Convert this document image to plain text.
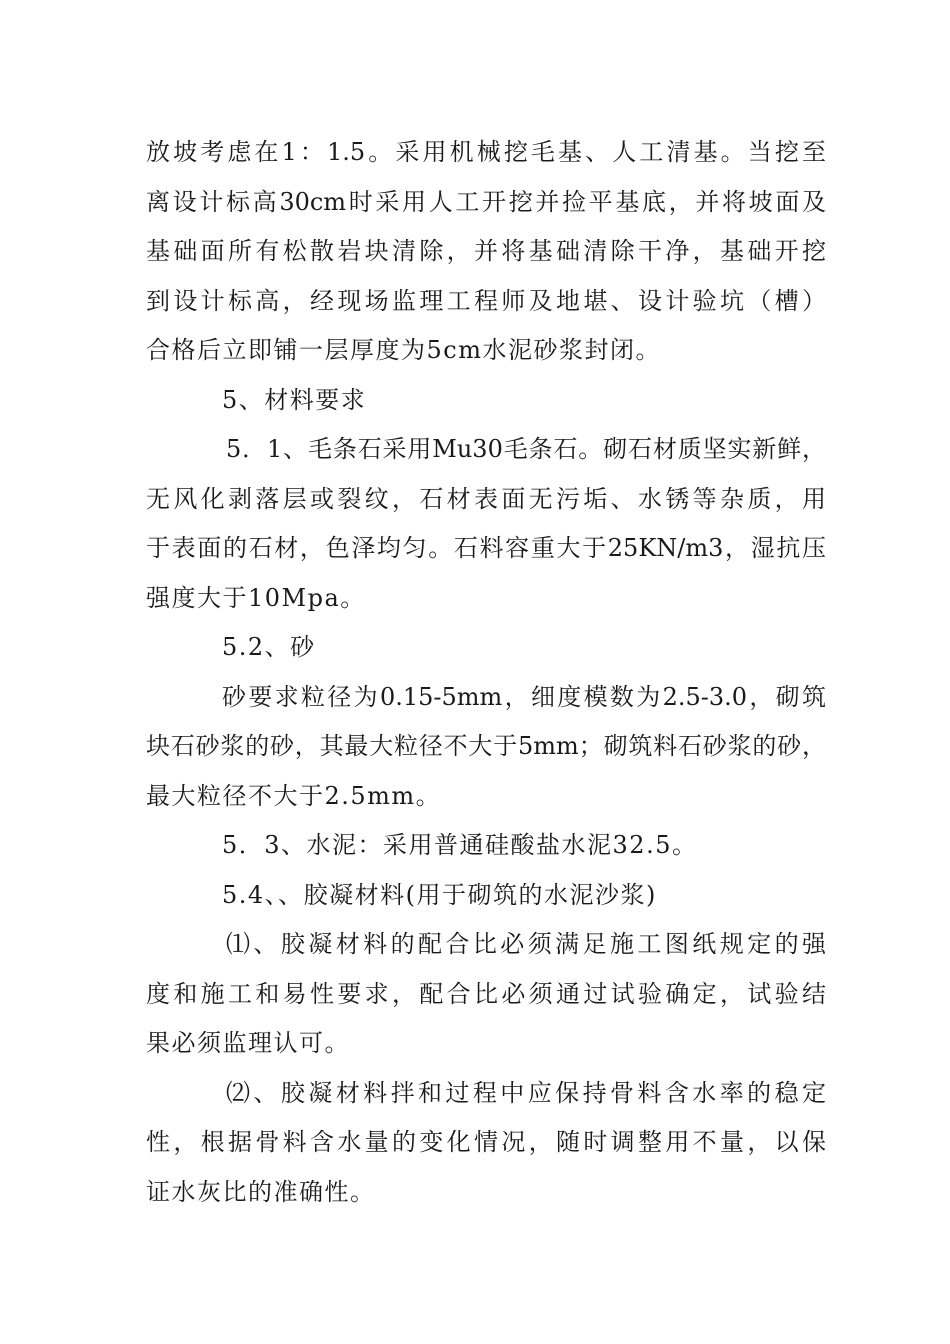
放坡考虑在1：1.5。采用机械挖毛基、人工清基。当挖至
离设计标高30cm时采用人工开挖并捡平基底，并将坡面及
基础面所有松散岩块清除，并将基础清除干净，基础开挖
到设计标高，经现场监理工程师及地堪、设计验坑（槽）
合格后立即铺一层厚度为5cm水泥砂浆封闭。
5、材料要求
5．1、毛条石采用Mu30毛条石。砌石材质坚实新鲜，
无风化剥落层或裂纹，石材表面无污垢、水锈等杂质，用
于表面的石材，色泽均匀。石料容重大于25KN/m3，湿抗压
强度大于10Mpa。
5.2、砂
砂要求粒径为0.15-5mm，细度模数为2.5-3.0，砌筑
块石砂浆的砂，其最大粒径不大于5mm；砌筑料石砂浆的砂，
最大粒径不大于2.5mm。
5．3、水泥：采用普通硅酸盐水泥32.5。
5.4、、胶凝材料(用于砌筑的水泥沙浆)
⑴、胶凝材料的配合比必须满足施工图纸规定的强
度和施工和易性要求，配合比必须通过试验确定，试验结
果必须监理认可。
⑵、胶凝材料拌和过程中应保持骨料含水率的稳定
性，根据骨料含水量的变化情况，随时调整用不量，以保
证水灰比的准确性。
